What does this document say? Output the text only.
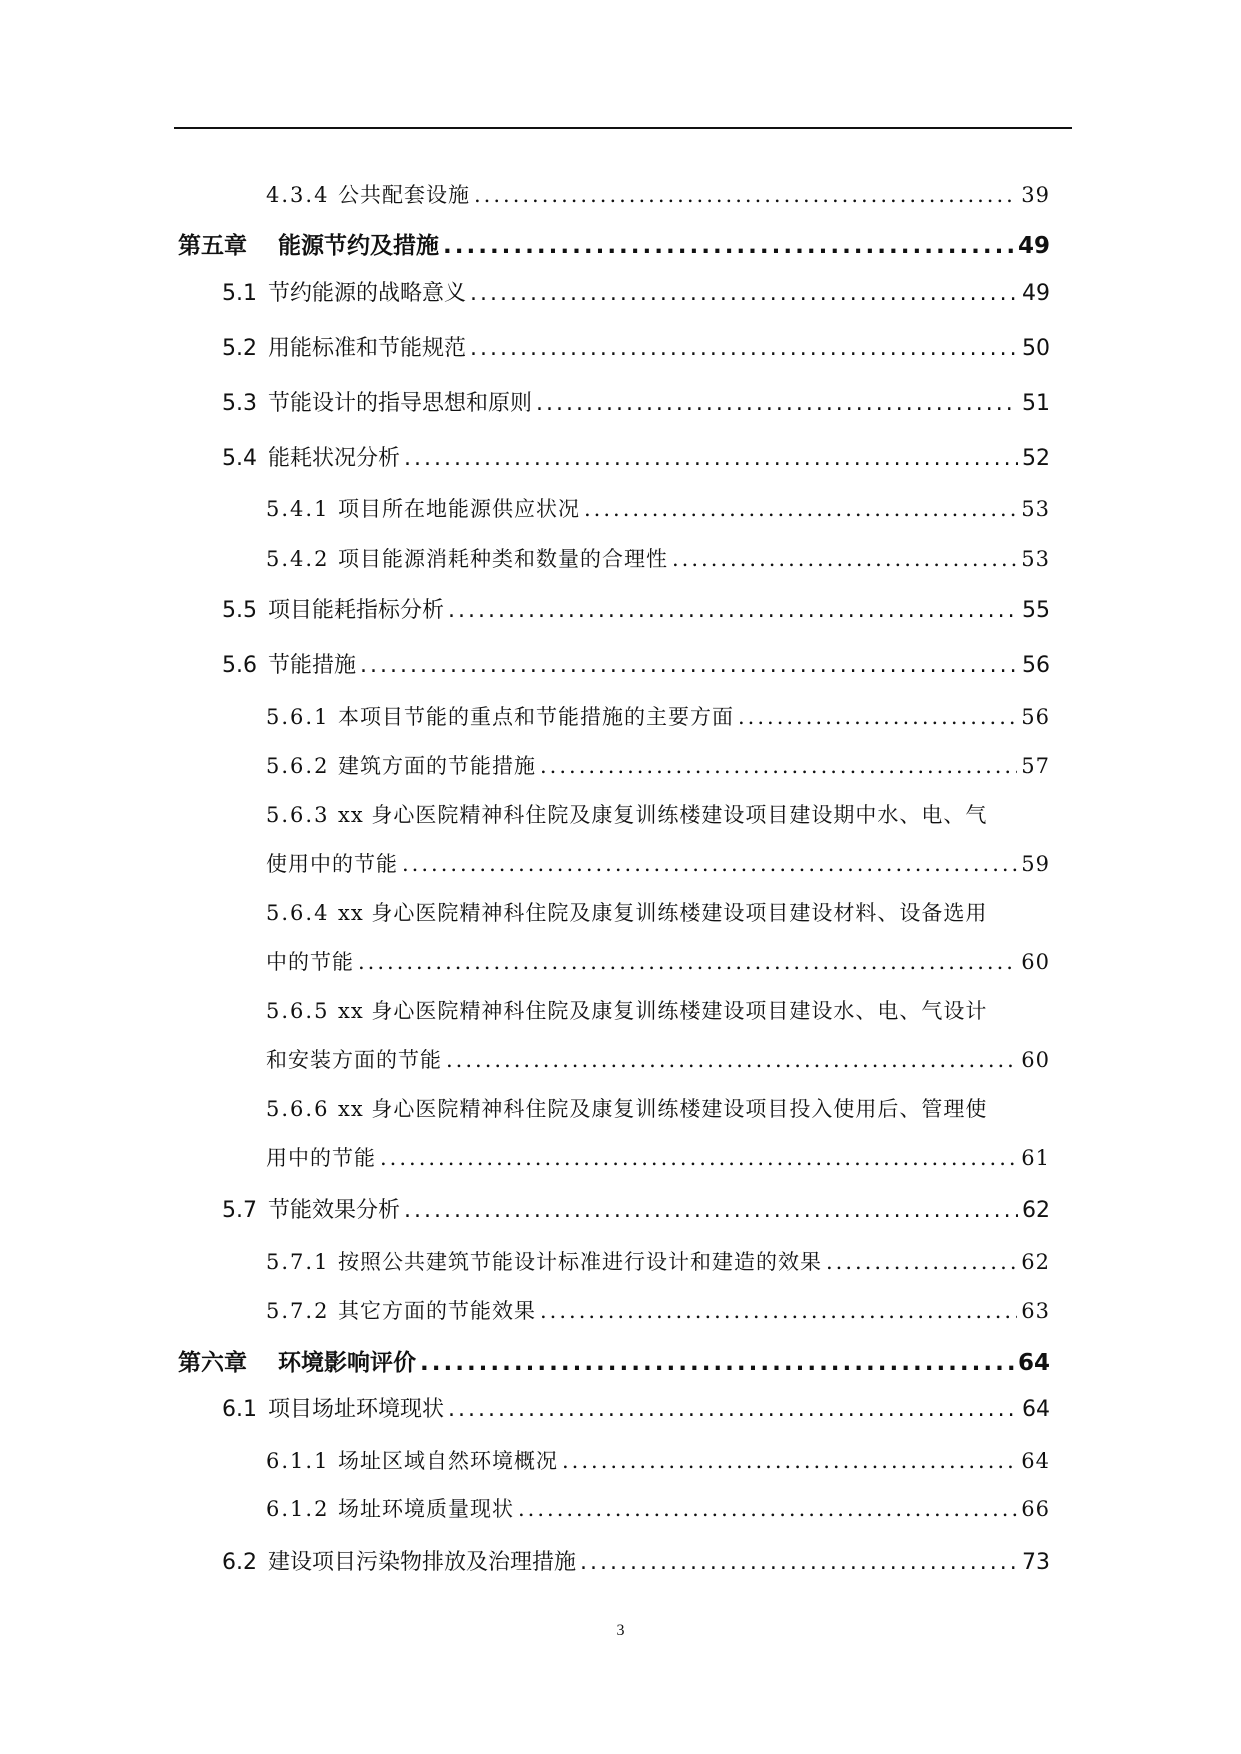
4.3.4 公共配套设施 .....	39
第五章	能源节约及措施 .....	49
5.1 节约能源的战略意义 .....	49
5.2 用能标准和节能规范 .....	50
5.3 节能设计的指导思想和原则 .....	51
5.4 能耗状况分析 .....	52
5.4.1 项目所在地能源供应状况 .....	53
5.4.2 项目能源消耗种类和数量的合理性 .....	53
5.5 项目能耗指标分析 .....	55
5.6 节能措施 .....	56
5.6.1 本项目节能的重点和节能措施的主要方面 .....	56
5.6.2 建筑方面的节能措施 .....	57
5.6.3 xx 身心医院精神科住院及康复训练楼建设项目建设期中水、电、气
使用中的节能 .....	59
5.6.4 xx 身心医院精神科住院及康复训练楼建设项目建设材料、设备选用
中的节能 .....	60
5.6.5 xx 身心医院精神科住院及康复训练楼建设项目建设水、电、气设计
和安装方面的节能 .....	60
5.6.6 xx 身心医院精神科住院及康复训练楼建设项目投入使用后、管理使
用中的节能 .....	61
5.7 节能效果分析 .....	62
5.7.1 按照公共建筑节能设计标准进行设计和建造的效果 .....	62
5.7.2 其它方面的节能效果 .....	63
第六章	环境影响评价 .....	64
6.1 项目场址环境现状 .....	64
6.1.1 场址区域自然环境概况 .....	64
6.1.2 场址环境质量现状 .....	66
6.2 建设项目污染物排放及治理措施 .....	73
3
